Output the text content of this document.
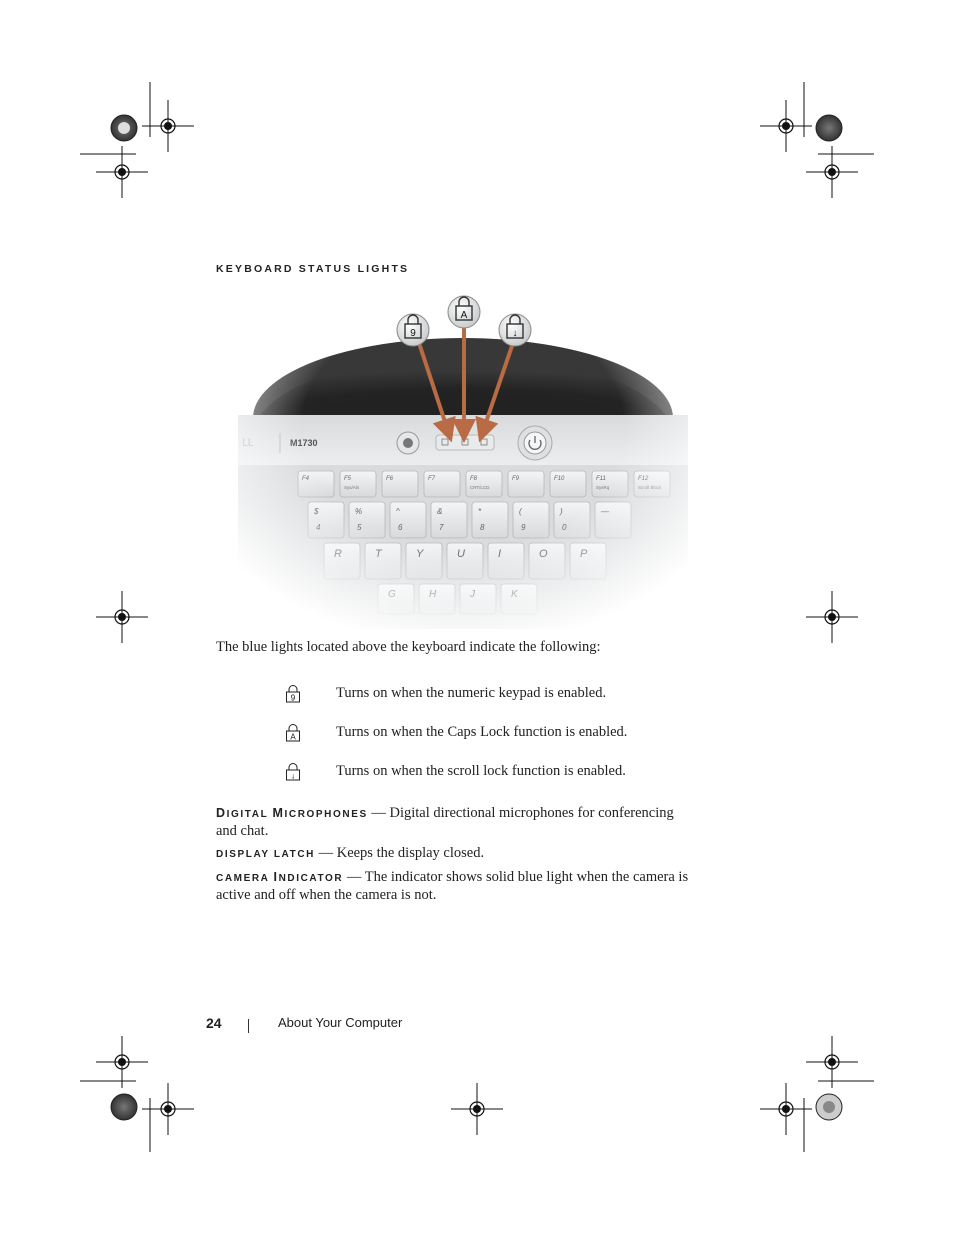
KEYBOARD STATUS LIGHTS
9
A
↓
The blue lights located above the keyboard indicate the following:
9	Turns on when the numeric keypad is enabled.
A	Turns on when the Caps Lock function is enabled.
↓	Turns on when the scroll lock function is enabled.
DIGITAL MICROPHONES — Digital directional microphones for conferencing and chat.
DISPLAY LATCH — Keeps the display closed.
CAMERA INDICATOR — The indicator shows solid blue light when the camera is active and off when the camera is not.
24	About Your Computer
